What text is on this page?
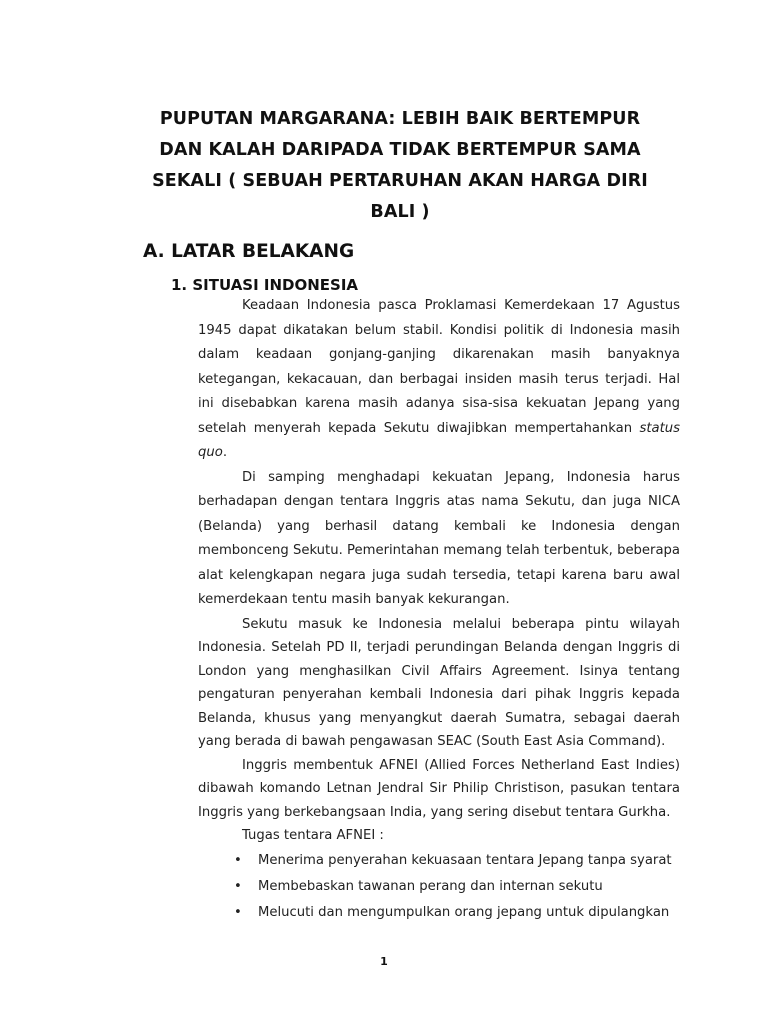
PUPUTAN MARGARANA: LEBIH BAIK BERTEMPUR DAN KALAH DARIPADA TIDAK BERTEMPUR SAMA SEKALI ( SEBUAH PERTARUHAN AKAN HARGA DIRI BALI )
A. LATAR BELAKANG
1. SITUASI INDONESIA

Keadaan Indonesia pasca Proklamasi Kemerdekaan 17 Agustus 1945 dapat dikatakan belum stabil. Kondisi politik di Indonesia masih dalam keadaan gonjang-ganjing dikarenakan masih banyaknya ketegangan, kekacauan, dan berbagai insiden masih terus terjadi. Hal ini disebabkan karena masih adanya sisa-sisa kekuatan Jepang yang setelah menyerah kepada Sekutu diwajibkan mempertahankan status quo.

Di samping menghadapi kekuatan Jepang, Indonesia harus berhadapan dengan tentara Inggris atas nama Sekutu, dan juga NICA (Belanda) yang berhasil datang kembali ke Indonesia dengan membonceng Sekutu. Pemerintahan memang telah terbentuk, beberapa alat kelengkapan negara juga sudah tersedia, tetapi karena baru awal kemerdekaan tentu masih banyak kekurangan.

Sekutu masuk ke Indonesia melalui beberapa pintu wilayah Indonesia. Setelah PD II, terjadi perundingan Belanda dengan Inggris di London yang menghasilkan Civil Affairs Agreement. Isinya tentang pengaturan penyerahan kembali Indonesia dari pihak Inggris kepada Belanda, khusus yang menyangkut daerah Sumatra, sebagai daerah yang berada di bawah pengawasan SEAC (South East Asia Command).

Inggris membentuk AFNEI (Allied Forces Netherland East Indies) dibawah komando Letnan Jendral Sir Philip Christison, pasukan tentara Inggris yang berkebangsaan India, yang sering disebut tentara Gurkha.

Tugas tentara AFNEI :

• Menerima penyerahan kekuasaan tentara Jepang tanpa syarat
• Membebaskan tawanan perang dan internan sekutu
• Melucuti dan mengumpulkan orang jepang untuk dipulangkan
1
